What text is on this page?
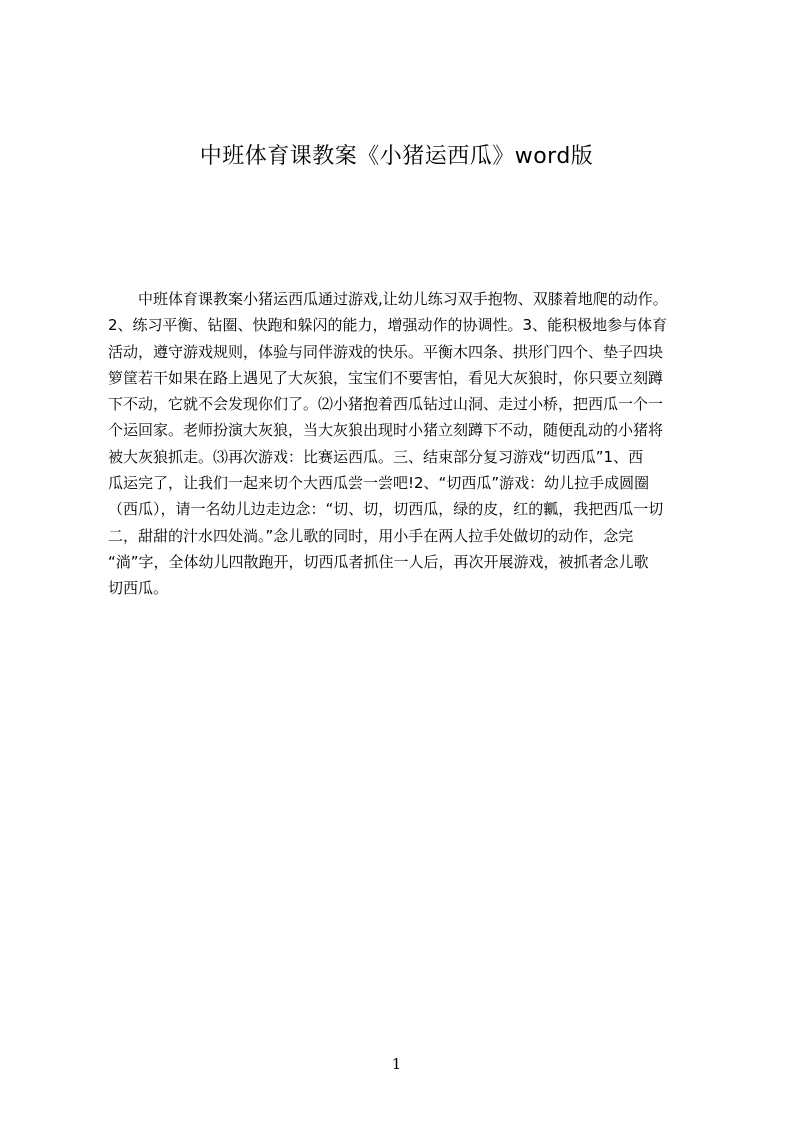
中班体育课教案《小猪运西瓜》word版
　　中班体育课教案小猪运西瓜通过游戏,让幼儿练习双手抱物、双膝着地爬的动作。
2、练习平衡、钻圈、快跑和躲闪的能力，增强动作的协调性。3、能积极地参与体育
活动，遵守游戏规则，体验与同伴游戏的快乐。平衡木四条、拱形门四个、垫子四块
箩筐若干如果在路上遇见了大灰狼，宝宝们不要害怕，看见大灰狼时，你只要立刻蹲
下不动，它就不会发现你们了。⑵小猪抱着西瓜钻过山洞、走过小桥，把西瓜一个一
个运回家。老师扮演大灰狼，当大灰狼出现时小猪立刻蹲下不动，随便乱动的小猪将
被大灰狼抓走。⑶再次游戏：比赛运西瓜。三、结束部分复习游戏“切西瓜”1、西
瓜运完了，让我们一起来切个大西瓜尝一尝吧!2、“切西瓜”游戏：幼儿拉手成圆圈
（西瓜），请一名幼儿边走边念：“切、切，切西瓜，绿的皮，红的瓤，我把西瓜一切
二，甜甜的汁水四处淌。”念儿歌的同时，用小手在两人拉手处做切的动作，念完
“淌”字，全体幼儿四散跑开，切西瓜者抓住一人后，再次开展游戏，被抓者念儿歌
切西瓜。
1
